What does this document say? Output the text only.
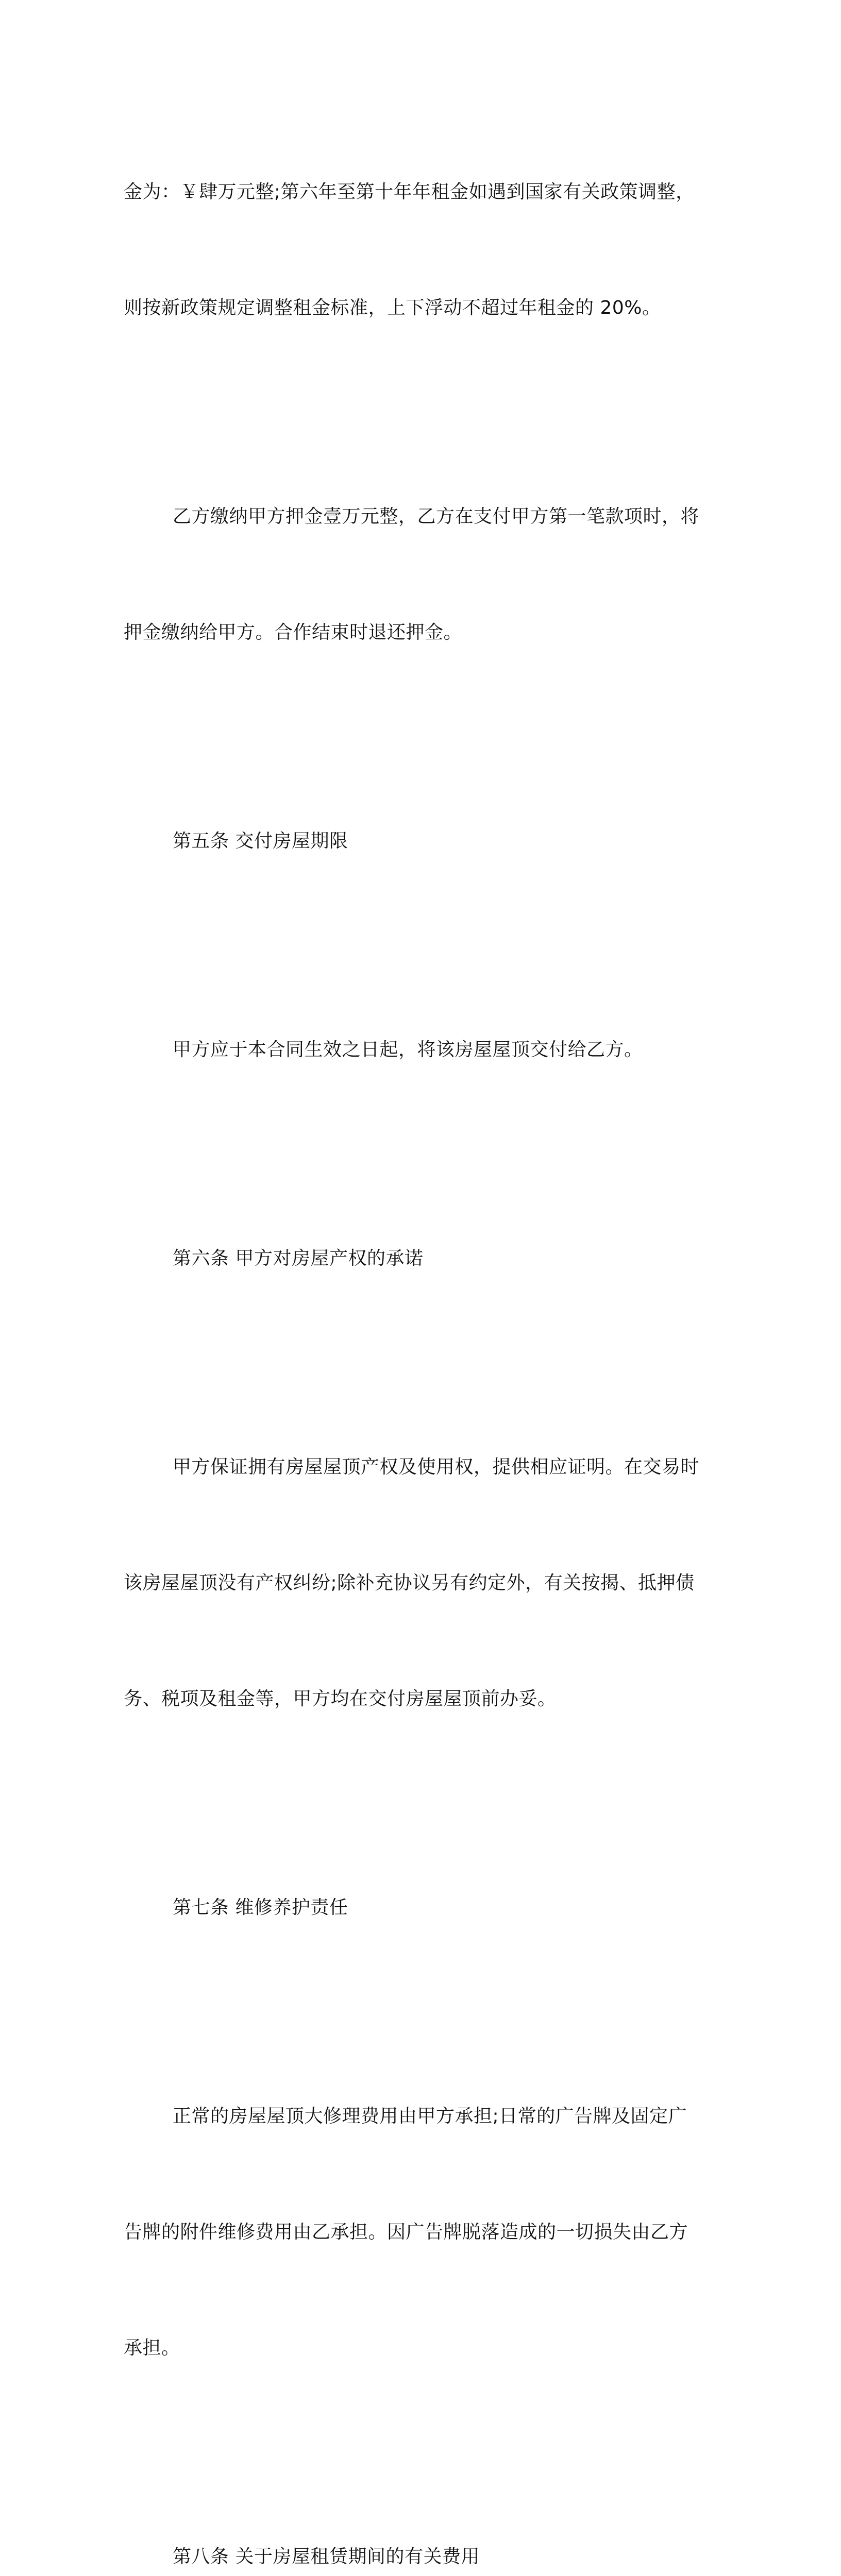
金为：￥肆万元整;第六年至第十年年租金如遇到国家有关政策调整，

则按新政策规定调整租金标准，上下浮动不超过年租金的 20%。

乙方缴纳甲方押金壹万元整，乙方在支付甲方第一笔款项时，将

押金缴纳给甲方。合作结束时退还押金。

第五条 交付房屋期限

甲方应于本合同生效之日起，将该房屋屋顶交付给乙方。

第六条 甲方对房屋产权的承诺

甲方保证拥有房屋屋顶产权及使用权，提供相应证明。在交易时

该房屋屋顶没有产权纠纷;除补充协议另有约定外，有关按揭、抵押债

务、税项及租金等，甲方均在交付房屋屋顶前办妥。

第七条 维修养护责任

正常的房屋屋顶大修理费用由甲方承担;日常的广告牌及固定广

告牌的附件维修费用由乙承担。因广告牌脱落造成的一切损失由乙方

承担。

第八条 关于房屋租赁期间的有关费用
